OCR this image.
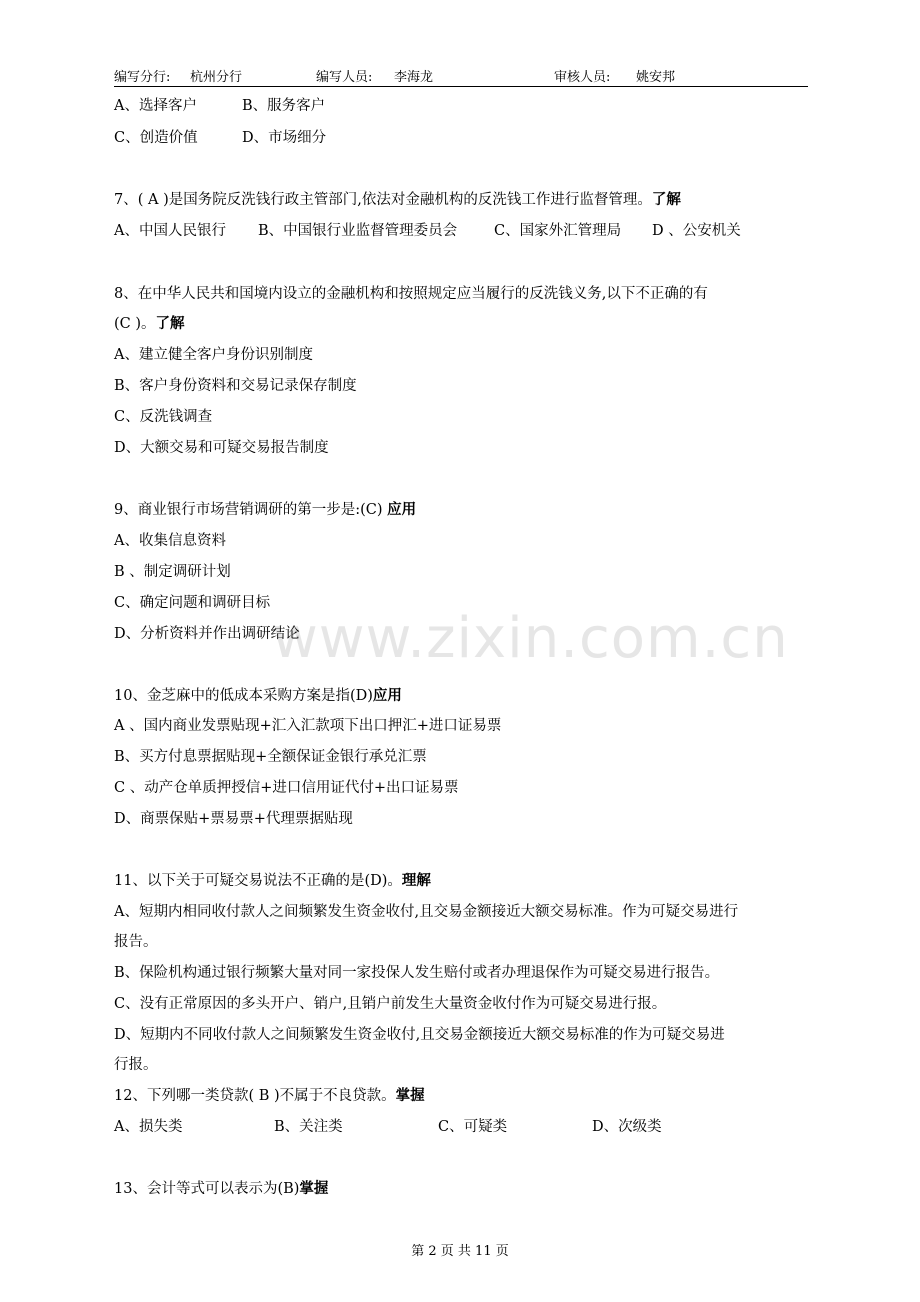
编写分行: 杭州分行	编写人员: 李海龙	审核人员: 姚安邦
www.zixin.com.cn
A、选择客户	B、服务客户
C、创造价值	D、市场细分
7、( A )是国务院反洗钱行政主管部门,依法对金融机构的反洗钱工作进行监督管理。了解
A、中国人民银行 B、中国银行业监督管理委员会	C、国家外汇管理局 D 、公安机关
8、在中华人民共和国境内设立的金融机构和按照规定应当履行的反洗钱义务,以下不正确的有
(C )。了解
A、建立健全客户身份识别制度
B、客户身份资料和交易记录保存制度
C、反洗钱调查
D、大额交易和可疑交易报告制度
9、商业银行市场营销调研的第一步是:(C) 应用
A、收集信息资料
B 、制定调研计划
C、确定问题和调研目标
D、分析资料并作出调研结论
10、金芝麻中的低成本采购方案是指(D)应用
A 、国内商业发票贴现+汇入汇款项下出口押汇+进口证易票
B、买方付息票据贴现+全额保证金银行承兑汇票
C 、动产仓单质押授信+进口信用证代付+出口证易票
D、商票保贴+票易票+代理票据贴现
11、以下关于可疑交易说法不正确的是(D)。理解
A、短期内相同收付款人之间频繁发生资金收付,且交易金额接近大额交易标准。作为可疑交易进行
报告。
B、保险机构通过银行频繁大量对同一家投保人发生赔付或者办理退保作为可疑交易进行报告。
C、没有正常原因的多头开户、销户,且销户前发生大量资金收付作为可疑交易进行报。
D、短期内不同收付款人之间频繁发生资金收付,且交易金额接近大额交易标准的作为可疑交易进
行报。
12、下列哪一类贷款( B )不属于不良贷款。掌握
A、损失类	B、关注类	C、可疑类	D、次级类
13、会计等式可以表示为(B)掌握
第 2 页 共 11 页
